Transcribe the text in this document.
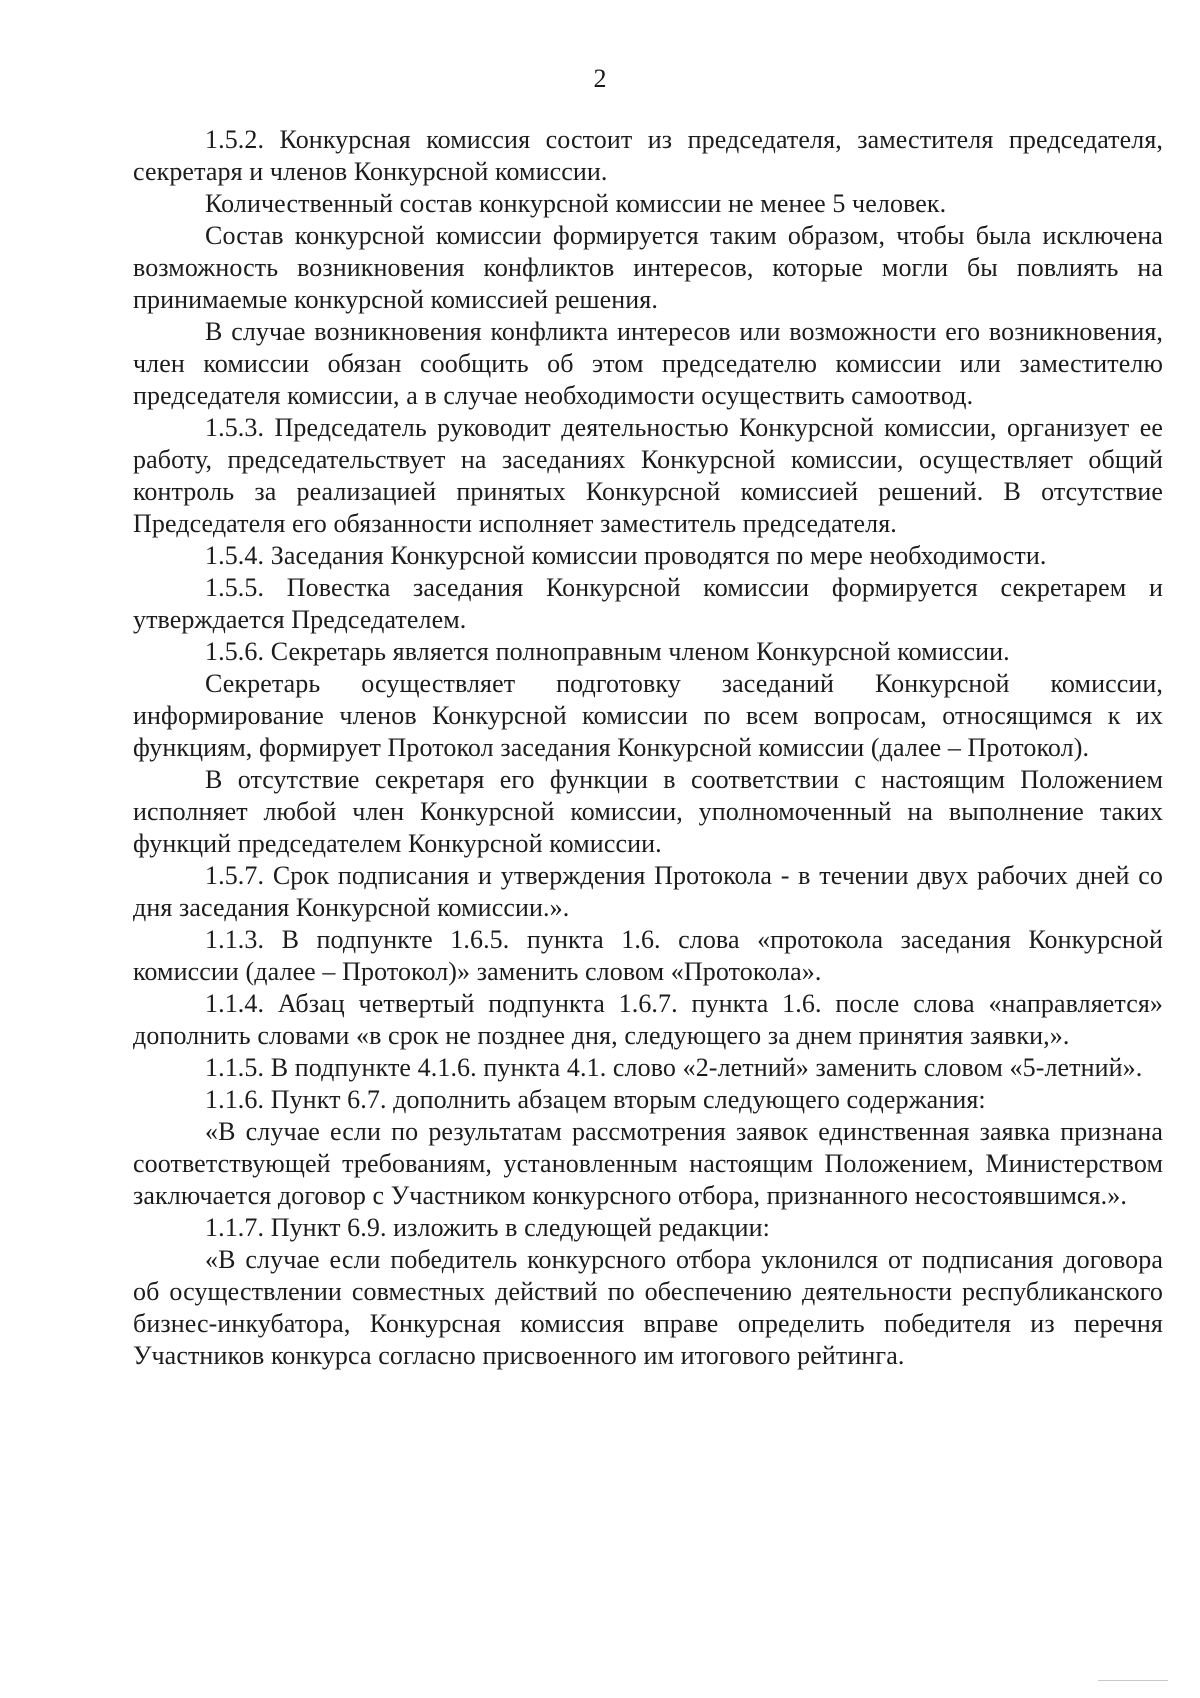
2

1.5.2. Конкурсная комиссия состоит из председателя, заместителя председателя, секретаря и членов Конкурсной комиссии.

Количественный состав конкурсной комиссии не менее 5 человек.

Состав конкурсной комиссии формируется таким образом, чтобы была исключена возможность возникновения конфликтов интересов, которые могли бы повлиять на принимаемые конкурсной комиссией решения.

В случае возникновения конфликта интересов или возможности его возникновения, член комиссии обязан сообщить об этом председателю комиссии или заместителю председателя комиссии, а в случае необходимости осуществить самоотвод.

1.5.3. Председатель руководит деятельностью Конкурсной комиссии, организует ее работу, председательствует на заседаниях Конкурсной комиссии, осуществляет общий контроль за реализацией принятых Конкурсной комиссией решений. В отсутствие Председателя его обязанности исполняет заместитель председателя.

1.5.4. Заседания Конкурсной комиссии проводятся по мере необходимости.

1.5.5. Повестка заседания Конкурсной комиссии формируется секретарем и утверждается Председателем.

1.5.6. Секретарь является полноправным членом Конкурсной комиссии.

Секретарь осуществляет подготовку заседаний Конкурсной комиссии, информирование членов Конкурсной комиссии по всем вопросам, относящимся к их функциям, формирует Протокол заседания Конкурсной комиссии (далее – Протокол).

В отсутствие секретаря его функции в соответствии с настоящим Положением исполняет любой член Конкурсной комиссии, уполномоченный на выполнение таких функций председателем Конкурсной комиссии.

1.5.7. Срок подписания и утверждения Протокола - в течении двух рабочих дней со дня заседания Конкурсной комиссии.».

1.1.3. В подпункте 1.6.5. пункта 1.6. слова «протокола заседания Конкурсной комиссии (далее – Протокол)» заменить словом «Протокола».

1.1.4. Абзац четвертый подпункта 1.6.7. пункта 1.6. после слова «направляется» дополнить словами «в срок не позднее дня, следующего за днем принятия заявки,».

1.1.5. В подпункте 4.1.6. пункта 4.1. слово «2-летний» заменить словом «5-летний».

1.1.6. Пункт 6.7. дополнить абзацем вторым следующего содержания:

«В случае если по результатам рассмотрения заявок единственная заявка признана соответствующей требованиям, установленным настоящим Положением, Министерством заключается договор с Участником конкурсного отбора, признанного несостоявшимся.».

1.1.7. Пункт 6.9. изложить в следующей редакции:

«В случае если победитель конкурсного отбора уклонился от подписания договора об осуществлении совместных действий по обеспечению деятельности республиканского бизнес-инкубатора, Конкурсная комиссия вправе определить победителя из перечня Участников конкурса согласно присвоенного им итогового рейтинга.
